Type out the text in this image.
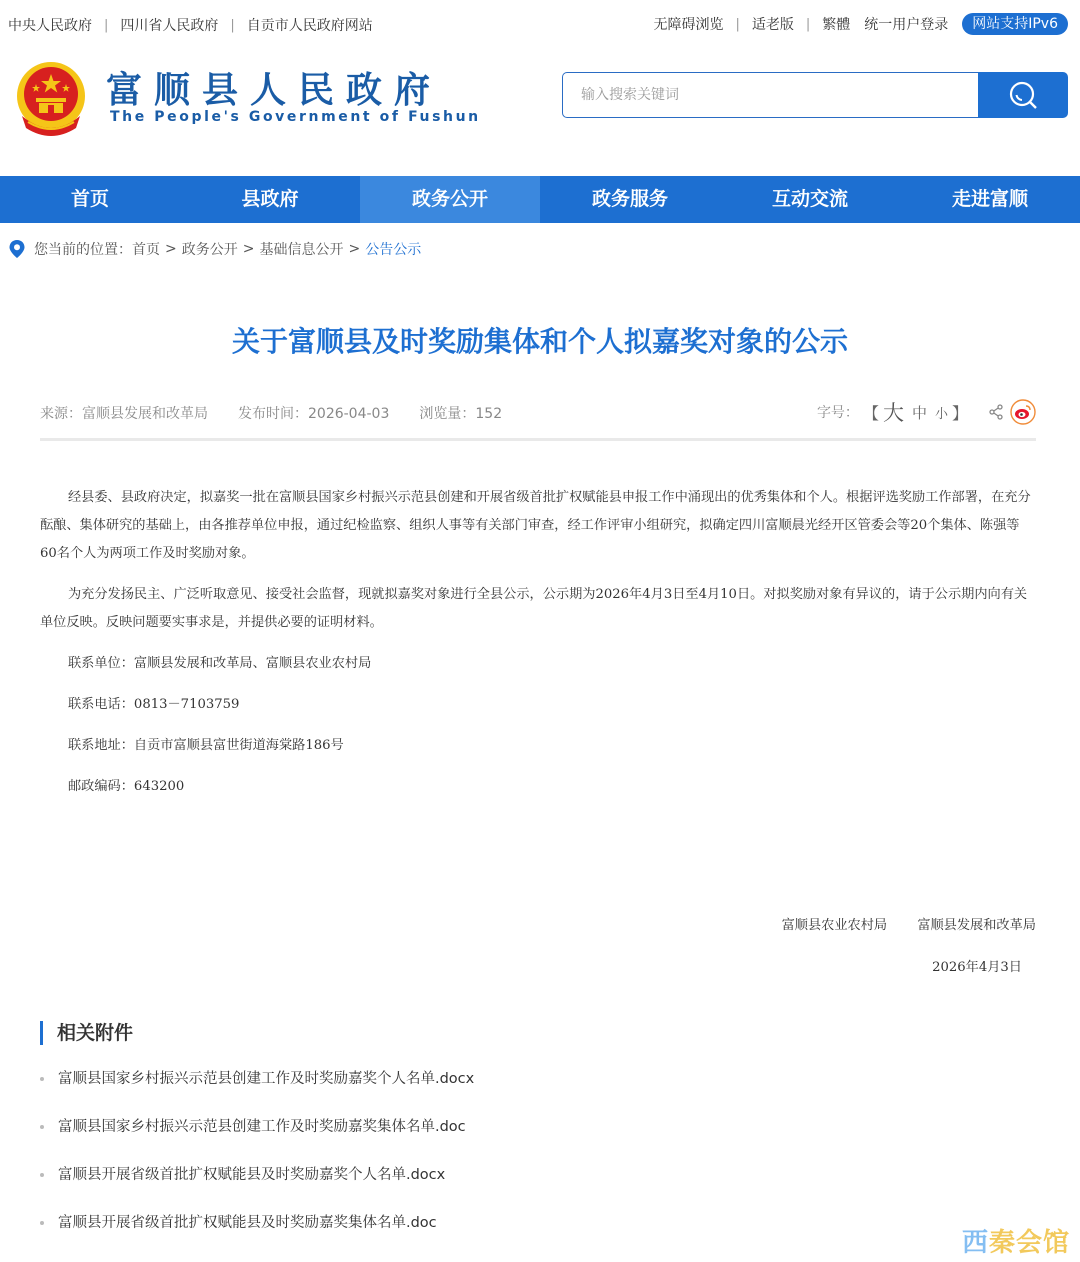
中央人民政府 | 四川省人民政府 | 自贡市人民政府网站	无障碍浏览 | 适老版 | 繁體 统一用户登录	网站支持IPv6
富顺县人民政府
The People's Government of Fushun
输入搜索关键词
首页	县政府	政务公开	政务服务	互动交流	走进富顺
您当前的位置： 首页 > 政务公开 > 基础信息公开 > 公告公示
关于富顺县及时奖励集体和个人拟嘉奖对象的公示
来源：富顺县发展和改革局 发布时间：2026-04-03 浏览量：152	字号： 【 大 中 小 】

经县委、县政府决定，拟嘉奖一批在富顺县国家乡村振兴示范县创建和开展省级首批扩权赋能县申报工作中涌现出的优秀集体和个人。根据评选奖励工作部署，在充分酝酿、集体研究的基础上，由各推荐单位申报，通过纪检监察、组织人事等有关部门审查，经工作评审小组研究，拟确定四川富顺晨光经开区管委会等20个集体、陈强等60名个人为两项工作及时奖励对象。

为充分发扬民主、广泛听取意见、接受社会监督，现就拟嘉奖对象进行全县公示，公示期为2026年4月3日至4月10日。对拟奖励对象有异议的，请于公示期内向有关单位反映。反映问题要实事求是，并提供必要的证明材料。

联系单位：富顺县发展和改革局、富顺县农业农村局

联系电话：0813－7103759

联系地址：自贡市富顺县富世街道海棠路186号

邮政编码：643200

富顺县农业农村局 富顺县发展和改革局
2026年4月3日
相关附件
富顺县国家乡村振兴示范县创建工作及时奖励嘉奖个人名单.docx
富顺县国家乡村振兴示范县创建工作及时奖励嘉奖集体名单.doc
富顺县开展省级首批扩权赋能县及时奖励嘉奖个人名单.docx
富顺县开展省级首批扩权赋能县及时奖励嘉奖集体名单.doc
西秦会馆
